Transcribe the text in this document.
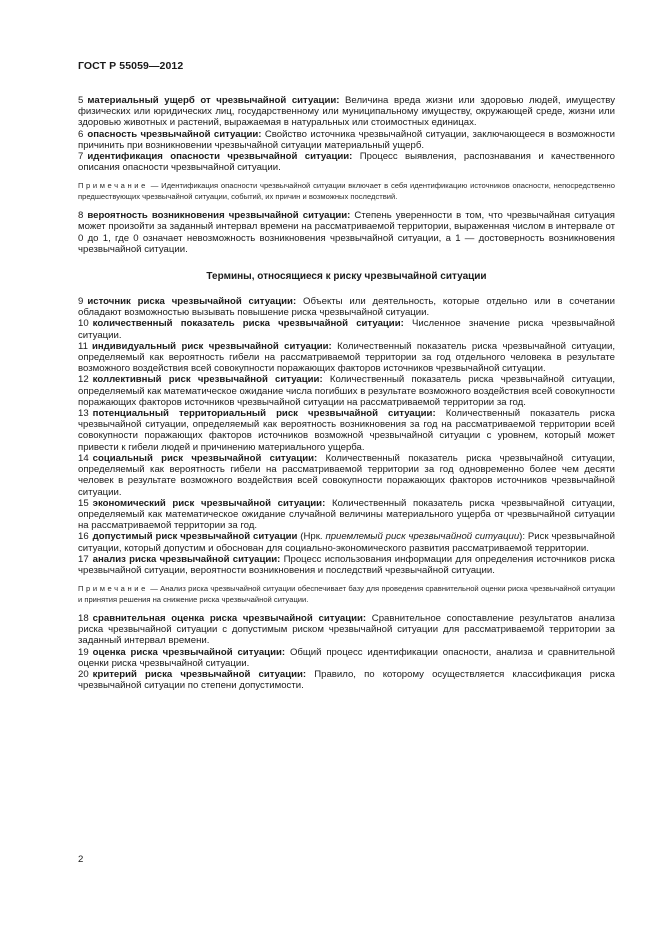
ГОСТ Р 55059—2012

5 материальный ущерб от чрезвычайной ситуации: Величина вреда жизни или здоровью людей, имуществу физических или юридических лиц, государственному или муниципальному имуществу, окружающей среде, жизни или здоровью животных и растений, выражаемая в натуральных или стоимостных единицах.

6 опасность чрезвычайной ситуации: Свойство источника чрезвычайной ситуации, заключающееся в возможности причинить при возникновении чрезвычайной ситуации материальный ущерб.

7 идентификация опасности чрезвычайной ситуации: Процесс выявления, распознавания и качественного описания опасности чрезвычайной ситуации.

Примечание — Идентификация опасности чрезвычайной ситуации включает в себя идентификацию источников опасности, непосредственно предшествующих чрезвычайной ситуации, событий, их причин и возможных последствий.

8 вероятность возникновения чрезвычайной ситуации: Степень уверенности в том, что чрезвычайная ситуация может произойти за заданный интервал времени на рассматриваемой территории, выраженная числом в интервале от 0 до 1, где 0 означает невозможность возникновения чрезвычайной ситуации, а 1 — достоверность возникновения чрезвычайной ситуации.

Термины, относящиеся к риску чрезвычайной ситуации

9 источник риска чрезвычайной ситуации: Объекты или деятельность, которые отдельно или в сочетании обладают возможностью вызывать повышение риска чрезвычайной ситуации.

10 количественный показатель риска чрезвычайной ситуации: Численное значение риска чрезвычайной ситуации.

11 индивидуальный риск чрезвычайной ситуации: Количественный показатель риска чрезвычайной ситуации, определяемый как вероятность гибели на рассматриваемой территории за год отдельного человека в результате возможного воздействия всей совокупности поражающих факторов источников чрезвычайной ситуации.

12 коллективный риск чрезвычайной ситуации: Количественный показатель риска чрезвычайной ситуации, определяемый как математическое ожидание числа погибших в результате возможного воздействия всей совокупности поражающих факторов источников чрезвычайной ситуации на рассматриваемой территории за год.

13 потенциальный территориальный риск чрезвычайной ситуации: Количественный показатель риска чрезвычайной ситуации, определяемый как вероятность возникновения за год на рассматриваемой территории всей совокупности поражающих факторов источников возможной чрезвычайной ситуации с уровнем, который может привести к гибели людей и причинению материального ущерба.

14 социальный риск чрезвычайной ситуации: Количественный показатель риска чрезвычайной ситуации, определяемый как вероятность гибели на рассматриваемой территории за год одновременно более чем десяти человек в результате возможного воздействия всей совокупности поражающих факторов источников чрезвычайной ситуации.

15 экономический риск чрезвычайной ситуации: Количественный показатель риска чрезвычайной ситуации, определяемый как математическое ожидание случайной величины материального ущерба от чрезвычайной ситуации на рассматриваемой территории за год.

16 допустимый риск чрезвычайной ситуации (Нрк. приемлемый риск чрезвычайной ситуации): Риск чрезвычайной ситуации, который допустим и обоснован для социально-экономического развития рассматриваемой территории.

17 анализ риска чрезвычайной ситуации: Процесс использования информации для определения источников риска чрезвычайной ситуации, вероятности возникновения и последствий чрезвычайной ситуации.

Примечание — Анализ риска чрезвычайной ситуации обеспечивает базу для проведения сравнительной оценки риска чрезвычайной ситуации и принятия решения на снижение риска чрезвычайной ситуации.

18 сравнительная оценка риска чрезвычайной ситуации: Сравнительное сопоставление результатов анализа риска чрезвычайной ситуации с допустимым риском чрезвычайной ситуации для рассматриваемой территории за заданный интервал времени.

19 оценка риска чрезвычайной ситуации: Общий процесс идентификации опасности, анализа и сравнительной оценки риска чрезвычайной ситуации.

20 критерий риска чрезвычайной ситуации: Правило, по которому осуществляется классификация риска чрезвычайной ситуации по степени допустимости.

2
